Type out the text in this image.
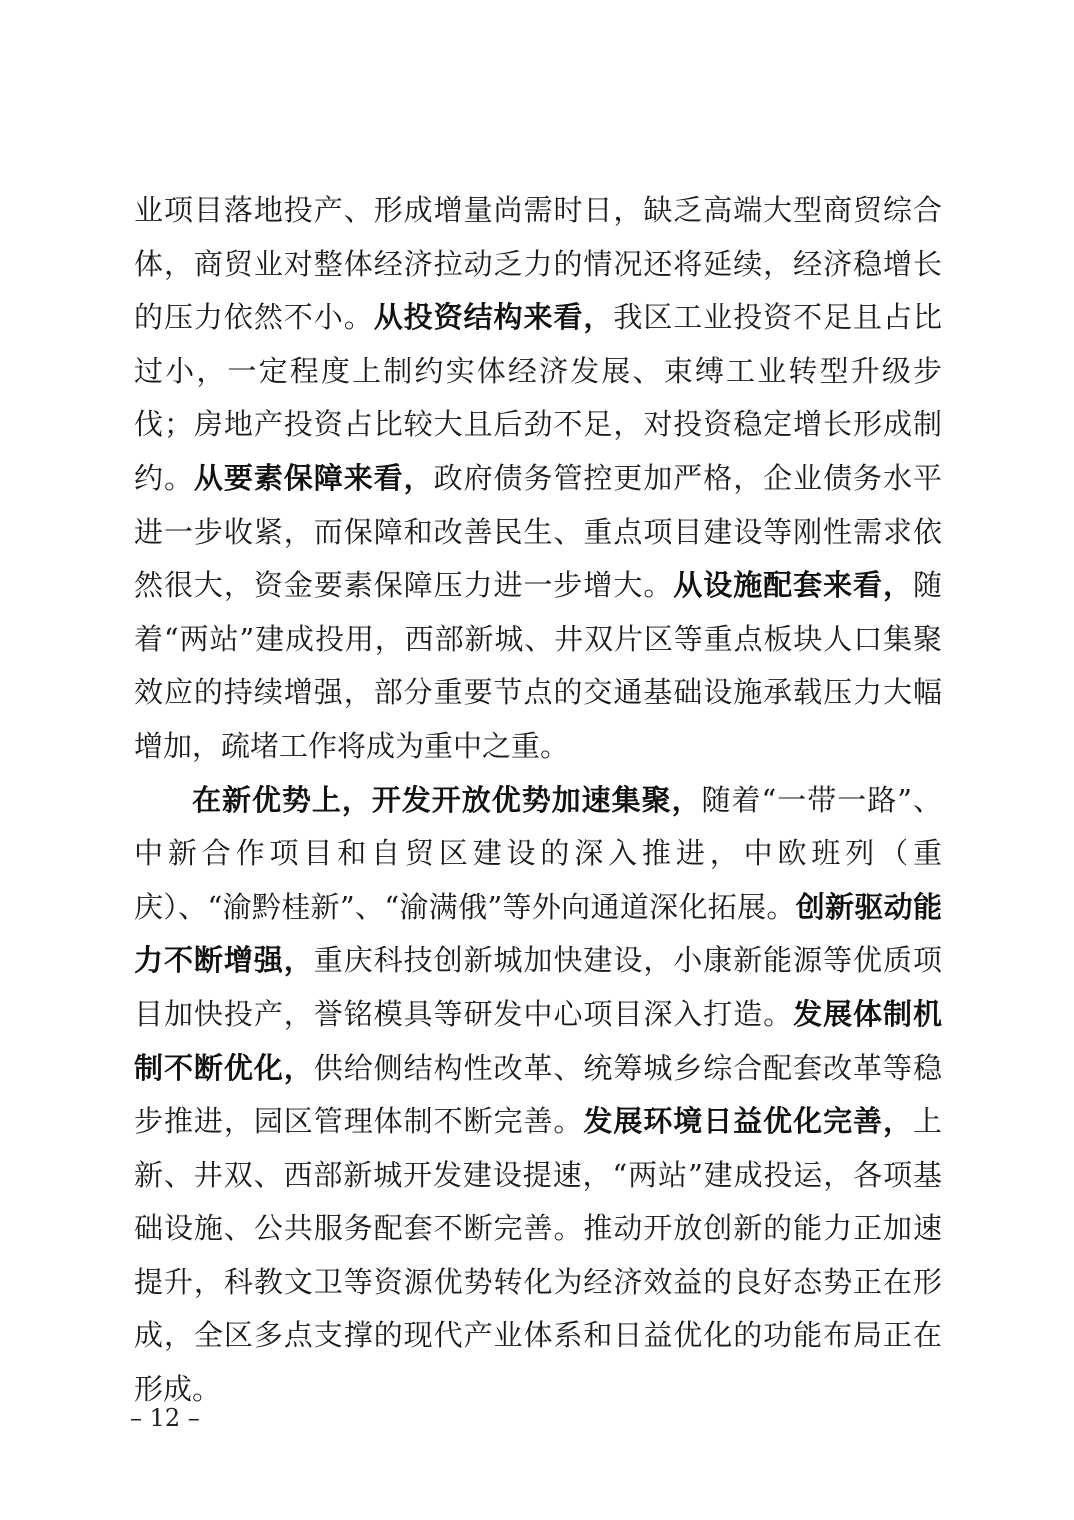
业项目落地投产、形成增量尚需时日，缺乏高端大型商贸综合体，商贸业对整体经济拉动乏力的情况还将延续，经济稳增长的压力依然不小。从投资结构来看，我区工业投资不足且占比过小，一定程度上制约实体经济发展、束缚工业转型升级步伐；房地产投资占比较大且后劲不足，对投资稳定增长形成制约。从要素保障来看，政府债务管控更加严格，企业债务水平进一步收紧，而保障和改善民生、重点项目建设等刚性需求依然很大，资金要素保障压力进一步增大。从设施配套来看，随着“两站”建成投用，西部新城、井双片区等重点板块人口集聚效应的持续增强，部分重要节点的交通基础设施承载压力大幅增加，疏堵工作将成为重中之重。

在新优势上，开发开放优势加速集聚，随着“一带一路”、中新合作项目和自贸区建设的深入推进，中欧班列（重庆）、“渝黔桂新”、“渝满俄”等外向通道深化拓展。创新驱动能力不断增强，重庆科技创新城加快建设，小康新能源等优质项目加快投产，誉铭模具等研发中心项目深入打造。发展体制机制不断优化，供给侧结构性改革、统筹城乡综合配套改革等稳步推进，园区管理体制不断完善。发展环境日益优化完善，上新、井双、西部新城开发建设提速，“两站”建成投运，各项基础设施、公共服务配套不断完善。推动开放创新的能力正加速提升，科教文卫等资源优势转化为经济效益的良好态势正在形成，全区多点支撑的现代产业体系和日益优化的功能布局正在形成。

– 12 –
